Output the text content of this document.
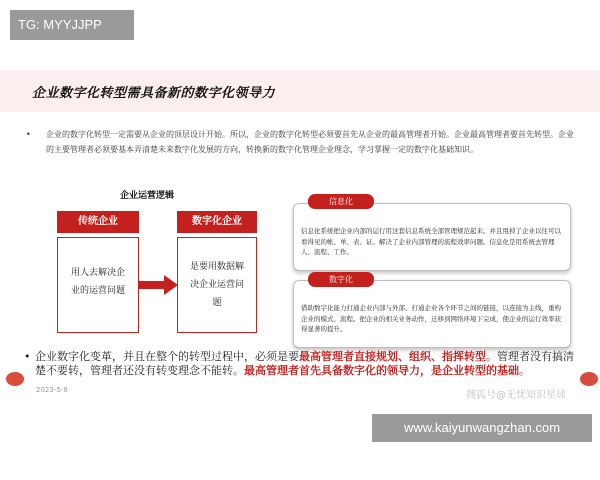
TG: MYYJJPP
企业数字化转型需具备新的数字化领导力
• 企业的数字化转型一定需要从企业的顶层设计开始。所以，企业的数字化转型必须要首先从企业的最高管理者开始。企业最高管理者要首先转型。企业的主要管理者必须要基本弄清楚未来数字化发展的方向，转换新的数字化管理企业理念，学习掌握一定的数字化基础知识。
企业运营逻辑
传统企业
用人去解决企
业的运营问题
数字化企业
是要用数据解
决企业运营问
题
信息化系统把企业内部的运行用这套信息系统全部管理规范起来。并且甩掉了企业以往可以看得见的帐、单、表、证。解决了企业内部管理的流程效率问题。信息化是用系统去管理人、流程、工作。
信息化
借助数字化能力打通企业内部与外部、打通企业各个环节之间的链接，以连接为主线，重构企业的模式、流程。把企业的相关业务动作，迁移到网络环境下完成，使企业的运行效率获得显著的提升。
数字化
• 企业数字化变革，并且在整个的转型过程中，必须是要最高管理者直接规划、组织、指挥转型。管理者没有搞清楚不要转，管理者还没有转变理念不能转。最高管理者首先具备数字化的领导力，是企业转型的基础。
2023-5-8	搜狐号@无忧知识星球
www.kaiyunwangzhan.com
